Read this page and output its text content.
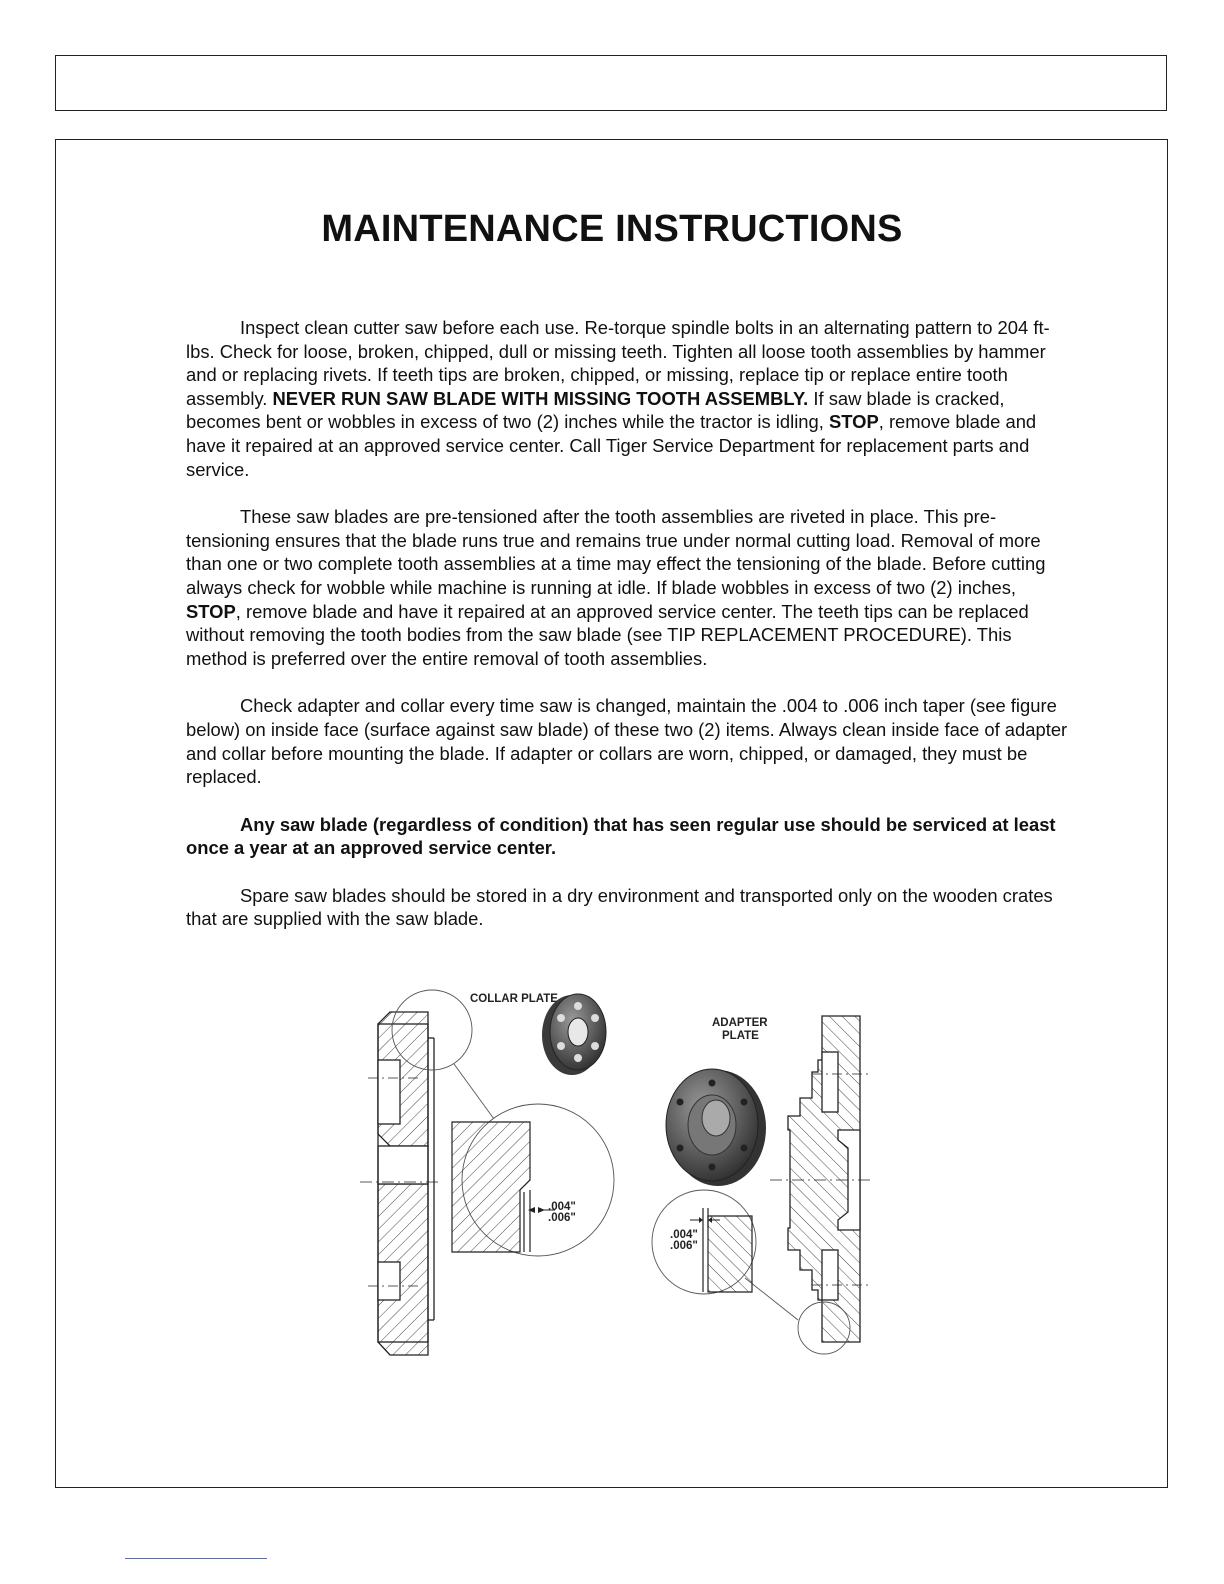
MAINTENANCE INSTRUCTIONS

Inspect clean cutter saw before each use. Re-torque spindle bolts in an alternating pattern to 204 ft-lbs. Check for loose, broken, chipped, dull or missing teeth. Tighten all loose tooth assemblies by hammer and or replacing rivets. If teeth tips are broken, chipped, or missing, replace tip or replace entire tooth assembly. NEVER RUN SAW BLADE WITH MISSING TOOTH ASSEMBLY. If saw blade is cracked, becomes bent or wobbles in excess of two (2) inches while the tractor is idling, STOP, remove blade and have it repaired at an approved service center. Call Tiger Service Department for replacement parts and service.

These saw blades are pre-tensioned after the tooth assemblies are riveted in place. This pre-tensioning ensures that the blade runs true and remains true under normal cutting load. Removal of more than one or two complete tooth assemblies at a time may effect the tensioning of the blade. Before cutting always check for wobble while machine is running at idle. If blade wobbles in excess of two (2) inches, STOP, remove blade and have it repaired at an approved service center. The teeth tips can be replaced without removing the tooth bodies from the saw blade (see TIP REPLACEMENT PROCEDURE). This method is preferred over the entire removal of tooth assemblies.

Check adapter and collar every time saw is changed, maintain the .004 to .006 inch taper (see figure below) on inside face (surface against saw blade) of these two (2) items. Always clean inside face of adapter and collar before mounting the blade. If adapter or collars are worn, chipped, or damaged, they must be replaced.

Any saw blade (regardless of condition) that has seen regular use should be serviced at least once a year at an approved service center.

Spare saw blades should be stored in a dry environment and transported only on the wooden crates that are supplied with the saw blade.

.004"
.006"
COLLAR PLATE
ADAPTER
PLATE
.004"
.006"
